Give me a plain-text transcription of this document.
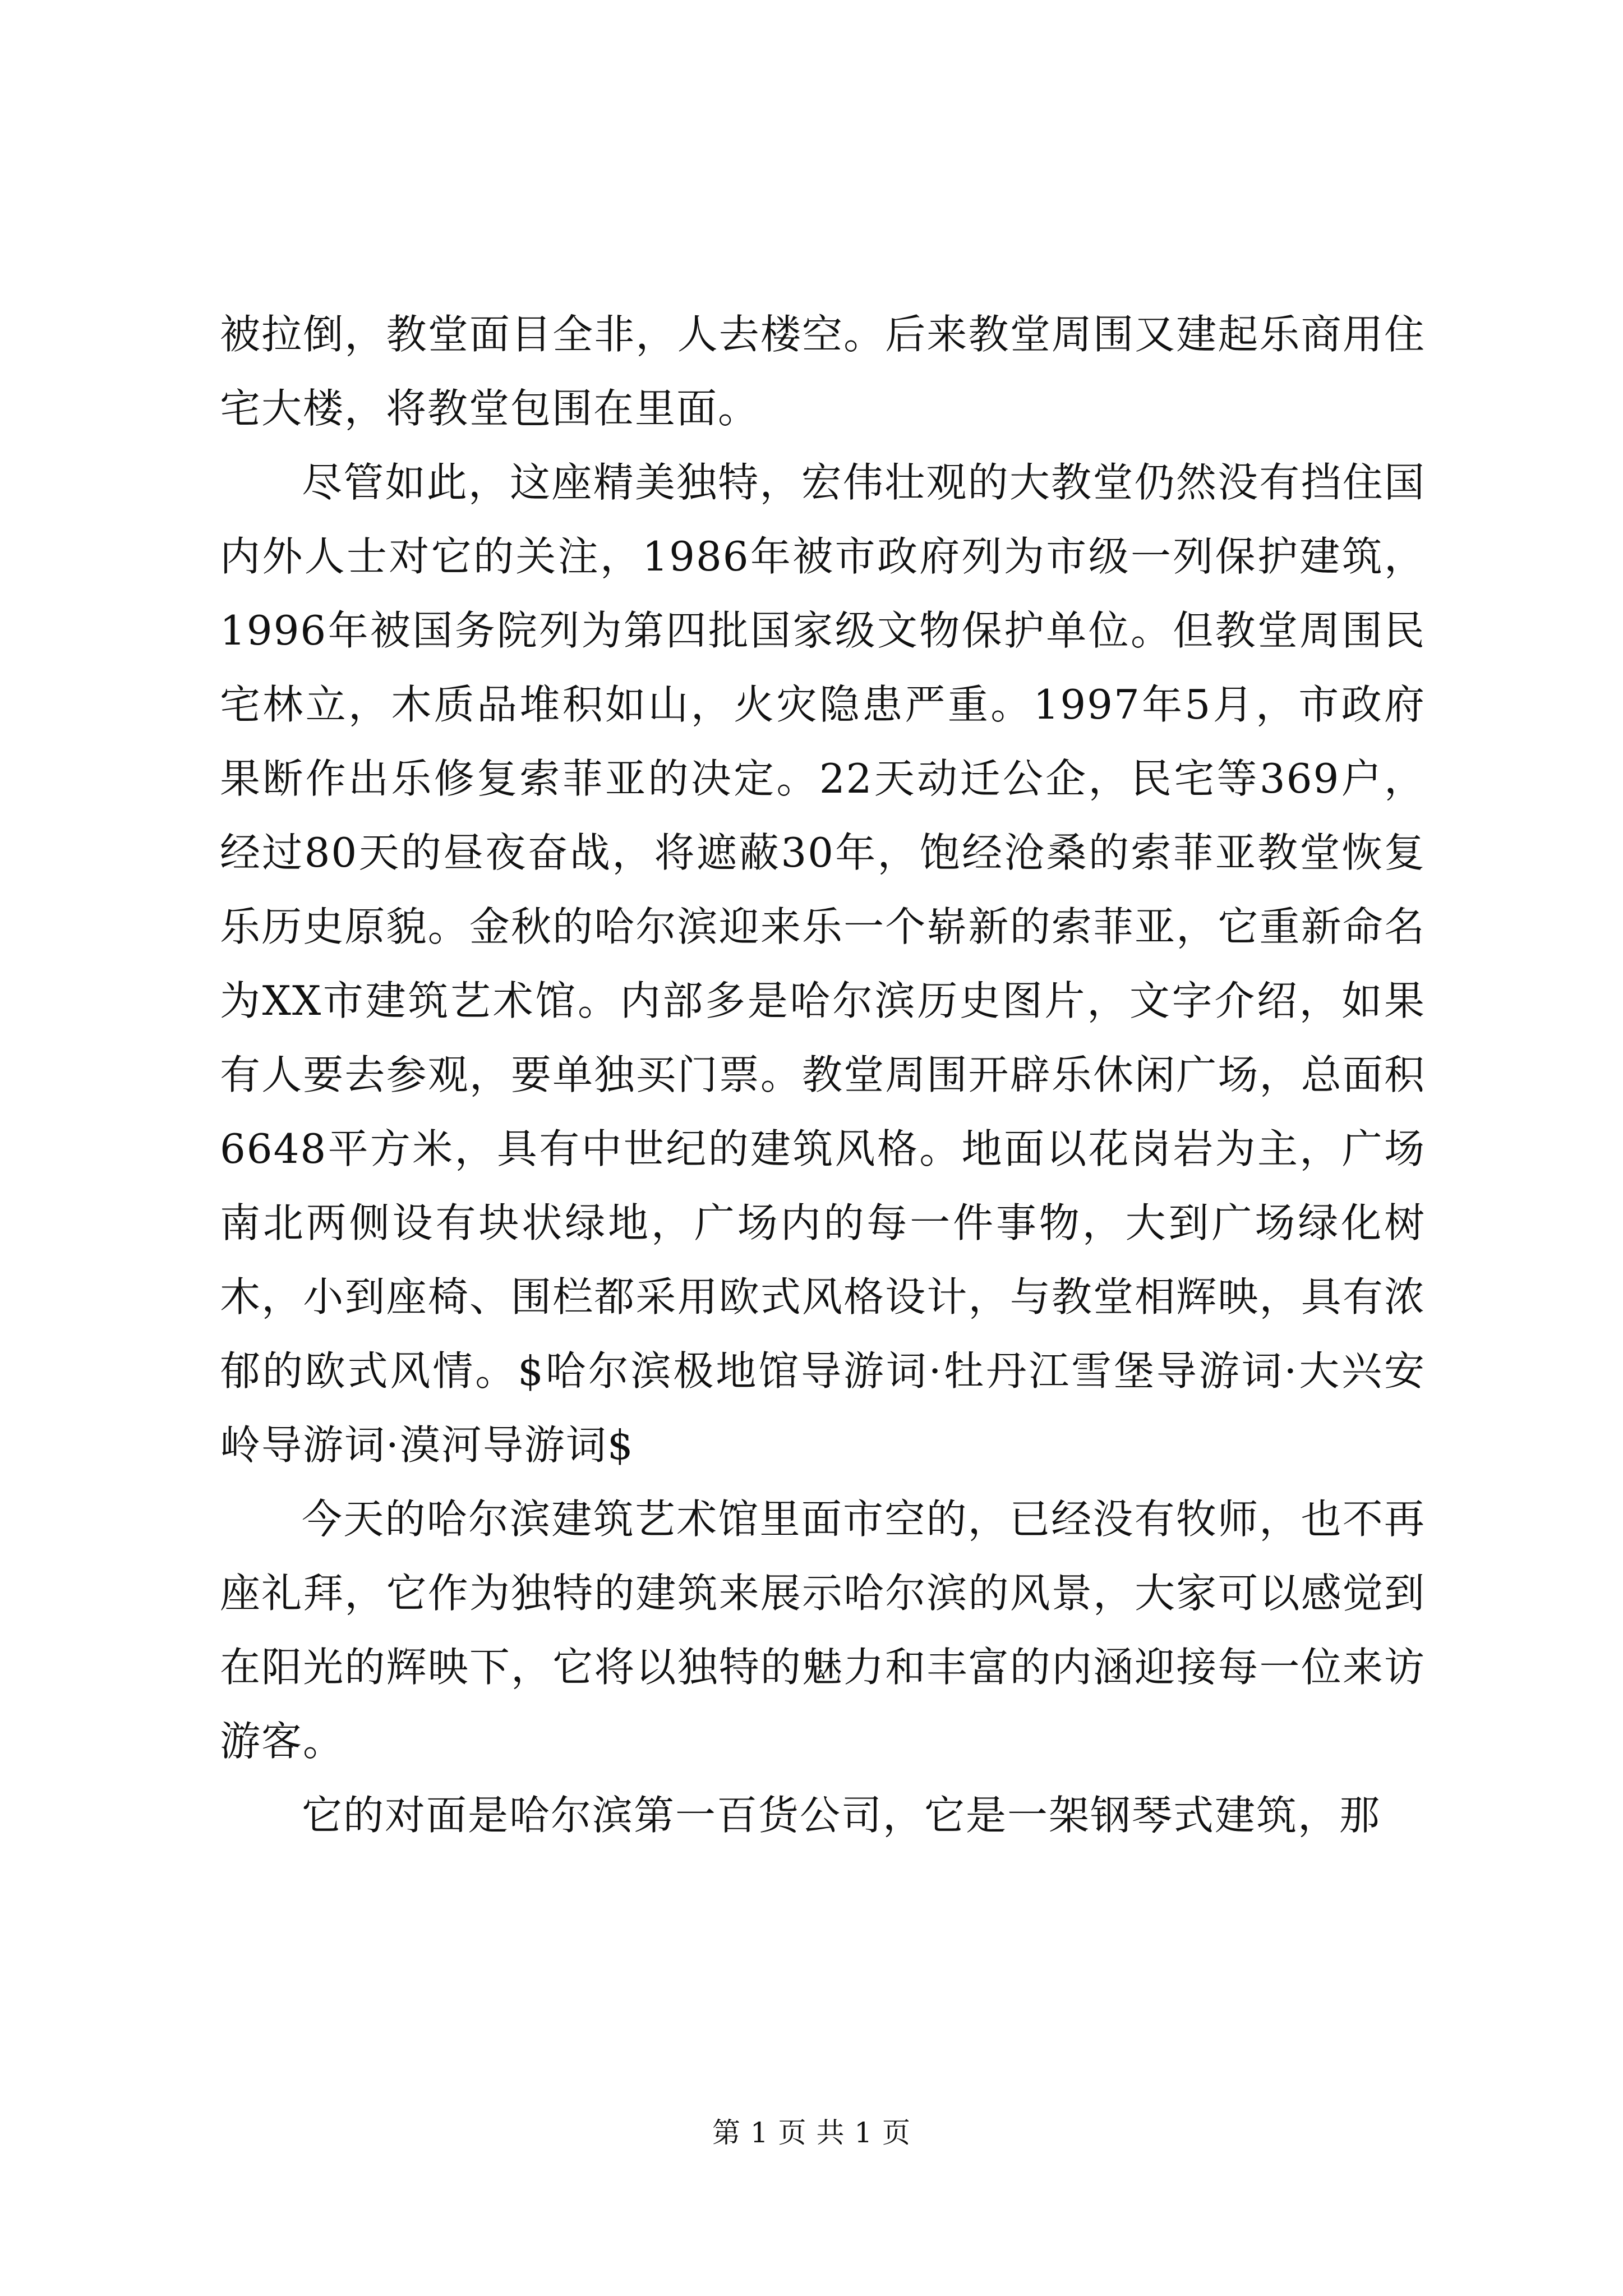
被拉倒，教堂面目全非，人去楼空。后来教堂周围又建起乐商用住宅大楼，将教堂包围在里面。

尽管如此，这座精美独特，宏伟壮观的大教堂仍然没有挡住国内外人士对它的关注，1986年被市政府列为市级一列保护建筑，1996年被国务院列为第四批国家级文物保护单位。但教堂周围民宅林立，木质品堆积如山，火灾隐患严重。1997年5月，市政府果断作出乐修复索菲亚的决定。22天动迁公企，民宅等369户，经过80天的昼夜奋战，将遮蔽30年，饱经沧桑的索菲亚教堂恢复乐历史原貌。金秋的哈尔滨迎来乐一个崭新的索菲亚，它重新命名为XX市建筑艺术馆。内部多是哈尔滨历史图片，文字介绍，如果有人要去参观，要单独买门票。教堂周围开辟乐休闲广场，总面积6648平方米，具有中世纪的建筑风格。地面以花岗岩为主，广场南北两侧设有块状绿地，广场内的每一件事物，大到广场绿化树木，小到座椅、围栏都采用欧式风格设计，与教堂相辉映，具有浓郁的欧式风情。$哈尔滨极地馆导游词·牡丹江雪堡导游词·大兴安岭导游词·漠河导游词$

今天的哈尔滨建筑艺术馆里面市空的，已经没有牧师，也不再座礼拜，它作为独特的建筑来展示哈尔滨的风景，大家可以感觉到在阳光的辉映下，它将以独特的魅力和丰富的内涵迎接每一位来访游客。

它的对面是哈尔滨第一百货公司，它是一架钢琴式建筑，那

第 1 页 共 1 页
